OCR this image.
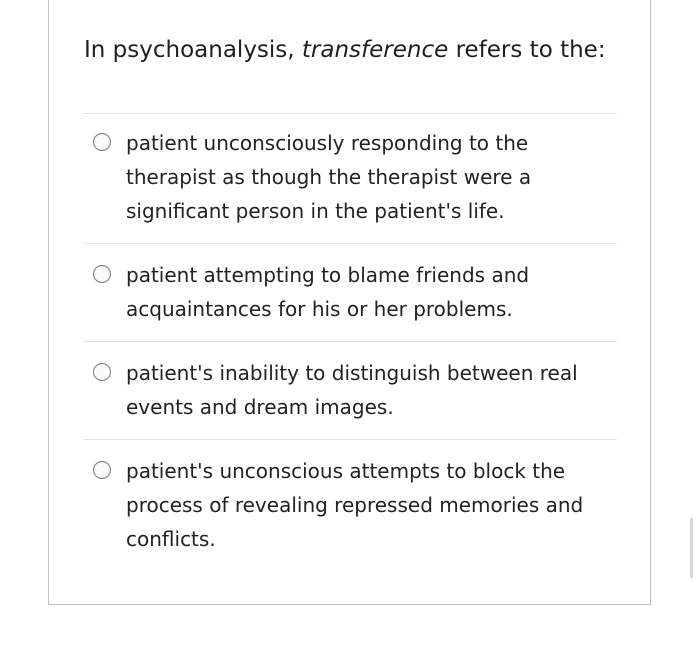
In psychoanalysis, transference refers to the:
patient unconsciously responding to the therapist as though the therapist were a significant person in the patient's life.
patient attempting to blame friends and acquaintances for his or her problems.
patient's inability to distinguish between real events and dream images.
patient's unconscious attempts to block the process of revealing repressed memories and conflicts.
